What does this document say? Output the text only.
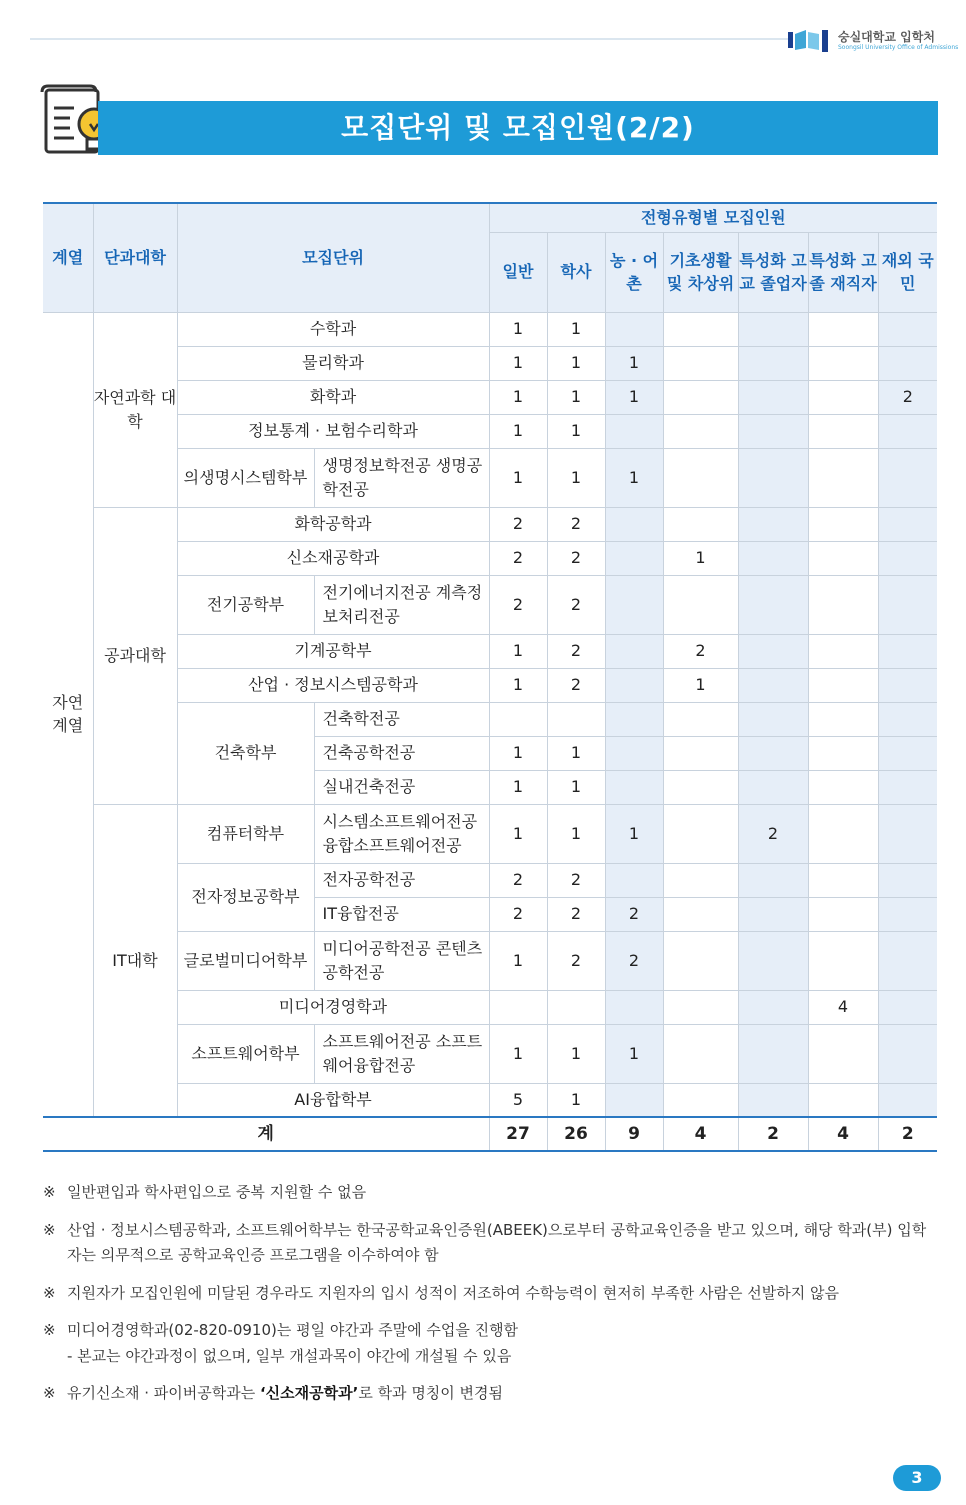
숭실대학교 입학처
Soongsil University Office of Admissions
모집단위 및 모집인원(2/2)
계열	단과대학	모집단위		전형유형별 모집인원						
				일반	학사	농 · 어촌	기초생활 및 차상위	특성화 고교 졸업자	특성화 고졸 재직자	재외 국민
자연 계열	자연과학 대학	수학과		1	1					
		물리학과		1	1	1				
		화학과		1	1	1				2
		정보통계 · 보험수리학과		1	1					
		의생명시스템학부	생명정보학전공 생명공학전공	1	1	1				
	공과대학	화학공학과		2	2					
		신소재공학과		2	2		1			
		전기공학부	전기에너지전공 계측정보처리전공	2	2					
		기계공학부		1	2		2			
		산업 · 정보시스템공학과		1	2		1			
		건축학부	건축학전공							
			건축공학전공	1	1					
			실내건축전공	1	1					
	IT대학	컴퓨터학부	시스템소프트웨어전공 융합소프트웨어전공	1	1	1		2		
		전자정보공학부	전자공학전공	2	2					
			IT융합전공	2	2	2				
		글로벌미디어학부	미디어공학전공 콘텐츠공학전공	1	2	2				
		미디어경영학과							4	
		소프트웨어학부	소프트웨어전공 소프트웨어융합전공	1	1	1				
		AI융합학부		5	1					
계				27	26	9	4	2	4	2
※ 일반편입과 학사편입으로 중복 지원할 수 없음
※ 산업 · 정보시스템공학과, 소프트웨어학부는 한국공학교육인증원(ABEEK)으로부터 공학교육인증을 받고 있으며, 해당 학과(부) 입학자는 의무적으로 공학교육인증 프로그램을 이수하여야 함
※ 지원자가 모집인원에 미달된 경우라도 지원자의 입시 성적이 저조하여 수학능력이 현저히 부족한 사람은 선발하지 않음
※ 미디어경영학과(02-820-0910)는 평일 야간과 주말에 수업을 진행함
- 본교는 야간과정이 없으며, 일부 개설과목이 야간에 개설될 수 있음
※ 유기신소재 · 파이버공학과는 ‘신소재공학과’로 학과 명칭이 변경됨
3
